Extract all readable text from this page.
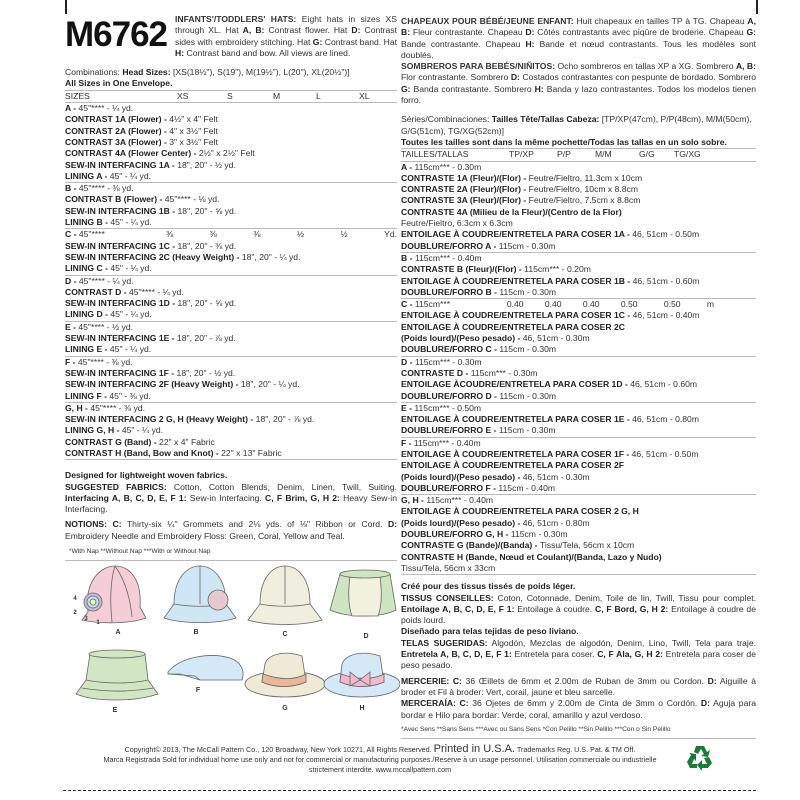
M6762 INFANTS'/TODDLERS' HATS: Eight hats in sizes XS through XL. Hat A, B: Contrast flower. Hat D: Contrast sides with embroidery stitching. Hat G: Contrast band. Hat H: Contrast band and bow. All views are lined.
Combinations: Head Sizes: [XS(18½"), S(19"), M(19½"), L(20"), XL(20½")]
All Sizes in One Envelope.
SIZES	XS	S	M	L	XL
A - 45"**** - ¼ yd.
CONTRAST 1A (Flower) - 4½" x 4" Felt
CONTRAST 2A (Flower) - 4" x 3½" Felt
CONTRAST 3A (Flower) - 3" x 3½" Felt
CONTRAST 4A (Flower Center) - 2½" x 2½" Felt
SEW-IN INTERFACING 1A - 18", 20" - ½ yd.
LINING A - 45" - ¼ yd.
B - 45"**** - ⅜ yd.
CONTRAST B (Flower) - 45"**** - ⅛ yd.
SEW-IN INTERFACING 1B - 18", 20" - ⅝ yd.
LINING B - 45" - ¼ yd.
C - 45"****	⅜	⅜	⅜	½	½	Yd.
SEW-IN INTERFACING 1C - 18", 20" - ⅜ yd.
SEW-IN INTERFACING 2C (Heavy Weight) - 18", 20" - ¼ yd.
LINING C - 45" - ¼ yd.
D - 45"**** - ¼ yd.
CONTRAST D - 45"**** - ¼ yd.
SEW-IN INTERFACING 1D - 18", 20" - ⅝ yd.
LINING D - 45" - ¼ yd.
E - 45"**** - ½ yd.
SEW-IN INTERFACING 1E - 18", 20" - ⅞ yd.
LINING E - 45" - ¼ yd.
F - 45"**** - ⅜ yd.
SEW-IN INTERFACING 1F - 18", 20" - ½ yd.
SEW-IN INTERFACING 2F (Heavy Weight) - 18", 20" - ¼ yd.
LINING F - 45" - ⅜ yd.
G, H - 45"**** - ⅜ yd.
SEW-IN INTERFACING 2 G, H (Heavy Weight) - 18", 20" - ⅞ yd.
LINING G, H - 45" - ¼ yd.
CONTRAST G (Band) - 22" x 4" Fabric
CONTRAST H (Band, Bow and Knot) - 22" x 13" Fabric
Designed for lightweight woven fabrics.
SUGGESTED FABRICS: Cotton, Cotton Blends, Denim, Linen, Twill, Suiting. Interfacing A, B, C, D, E, F 1: Sew-in Interfacing. C, F Brim, G, H 2: Heavy Sew-in Interfacing.
NOTIONS: C: Thirty-six ¼" Grommets and 2⅛ yds. of ⅛" Ribbon or Cord. D: Embroidery Needle and Embroidery Floss: Green, Coral, Yellow and Teal.
*With Nap **Without Nap ***With or Without Nap
CHAPEAUX POUR BÉBÉ/JEUNE ENFANT: Huit chapeaux en tailles TP à TG. Chapeau A, B: Fleur contrastante. Chapeau D: Côtés contrastants avec piqûre de broderie. Chapeau G: Bande contrastante. Chapeau H: Bande et nœud contrastants. Tous les modèles sont doublés.
SOMBREROS PARA BEBÉS/NIÑITOS: Ocho sombreros en tallas XP a XG. Sombrero A, B: Flor contrastante. Sombrero D: Costados contrastantes con pespunte de bordado. Sombrero G: Banda contrastante. Sombrero H: Banda y lazo contrastantes. Todos los modelos tienen forro.
Séries/Combinaciones: Tailles Tête/Tallas Cabeza: [TP/XP(47cm), P/P(48cm), M/M(50cm), G/G(51cm), TG/XG(52cm)]
Toutes les tailles sont dans la même pochette/Todas las tallas en un solo sobre.
TAILLES/TALLAS	TP/XP	P/P	M/M	G/G	TG/XG
A - 115cm*** - 0.30m
CONTRASTE 1A (Fleur)/(Flor) - Feutre/Fieltro, 11.3cm x 10cm
CONTRASTE 2A (Fleur)/(Flor) - Feutre/Fieltro, 10cm x 8.8cm
CONTRASTE 3A (Fleur)/(Flor) - Feutre/Fieltro, 7.5cm x 8.8cm
CONTRASTE 4A (Milieu de la Fleur)/(Centro de la Flor)
Feutre/Fieltro, 6.3cm x 6.3cm
ENTOILAGE À COUDRE/ENTRETELA PARA COSER 1A - 46, 51cm - 0.50m
DOUBLURE/FORRO A - 115cm - 0.30m
B - 115cm*** - 0.40m
CONTRASTE B (Fleur)/(Flor) - 115cm*** - 0.20m
ENTOILAGE À COUDRE/ENTRETELA PARA COSER 1B - 46, 51cm - 0.60m
DOUBLURE/FORRO B - 115cm - 0.30m
C - 115cm***	0.40	0.40	0.40	0.50	0.50	m
ENTOILAGE À COUDRE/ENTRETELA PARA COSER 1C - 46, 51cm - 0.40m
ENTOILAGE À COUDRE/ENTRETELA PARA COSER 2C
(Poids lourd)/(Peso pesado) - 46, 51cm - 0.30m
DOUBLURE/FORRO C - 115cm - 0.30m
D - 115cm*** - 0.30m
CONTRASTE D - 115cm*** - 0.30m
ENTOILAGE ÀCOUDRE/ENTRETELA PARA COSER 1D - 46, 51cm - 0.60m
DOUBLURE/FORRO D - 115cm - 0.30m
E - 115cm*** - 0.50m
ENTOILAGE À COUDRE/ENTRETELA PARA COSER 1E - 46, 51cm - 0.80m
DOUBLURE/FORRO E - 115cm - 0.30m
F - 115cm*** - 0.40m
ENTOILAGE À COUDRE/ENTRETELA PARA COSER 1F - 46, 51cm - 0.50m
ENTOILAGE À COUDRE/ENTRETELA PARA COSER 2F
(Poids lourd)/(Peso pesado) - 46, 51cm - 0.30m
DOUBLURE/FORRO F - 115cm - 0.40m
G, H - 115cm*** - 0.40m
ENTOILAGE À COUDRE/ENTRETELA PARA COSER 2 G, H
(Poids lourd)/(Peso pesado) - 46, 51cm - 0.80m
DOUBLURE/FORRO G, H - 115cm - 0.30m
CONTRASTE G (Bande)/(Banda) - Tissu/Tela, 56cm x 10cm
CONTRASTE H (Bande, Nœud et Coulant)/(Banda, Lazo y Nudo)
Tissu/Tela, 56cm x 33cm
Créé pour des tissus tissés de poids léger.
TISSUS CONSEILLES: Coton, Cotonnade, Denim, Toile de lin, Twill, Tissu pour complet. Entoilage A, B, C, D, E, F 1: Entoilage à coudre. C, F Bord, G, H 2: Entoilage à coudre de poids lourd.
Diseñado para telas tejidas de peso liviano.
TELAS SUGERIDAS: Algodón, Mezclas de algodón, Denim, Lino, Twill, Tela para traje. Entretela A, B, C, D, E, F 1: Entretela para coser. C, F Ala, G, H 2: Entretela para coser de peso pesado.
MERCERIE: C: 36 Œillets de 6mm et 2.00m de Ruban de 3mm ou Cordon. D: Aiguille à broder et Fil à broder: Vert, corail, jaune et bleu sarcelle.
MERCERAÍA: C: 36 Ojetes de 6mm y 2.00m de Cinta de 3mm o Cordón. D: Aguja para bordar e Hilo para bordar: Verde, coral, amarillo y azul verdoso.
*Avec Sens **Sans Sens ***Avec ou Sans Sens *Con Pelillo **Sin Pelillo ***Con o Sin Pelillo
A	B	C	D
E
F
G	H
4
2
3
1
Copyright© 2013, The McCall Pattern Co., 120 Broadway, New York 10271, All Rights Reserved. Printed in U.S.A. Trademarks Reg. U.S. Pat. & TM Off.
Marca Registrada Sold for individual home use only and not for commercial or manufacturing purposes./Reserve à un usage personnel. Utilisation commerciale ou industrielle strictement interdite. www.mccallpattern.com
